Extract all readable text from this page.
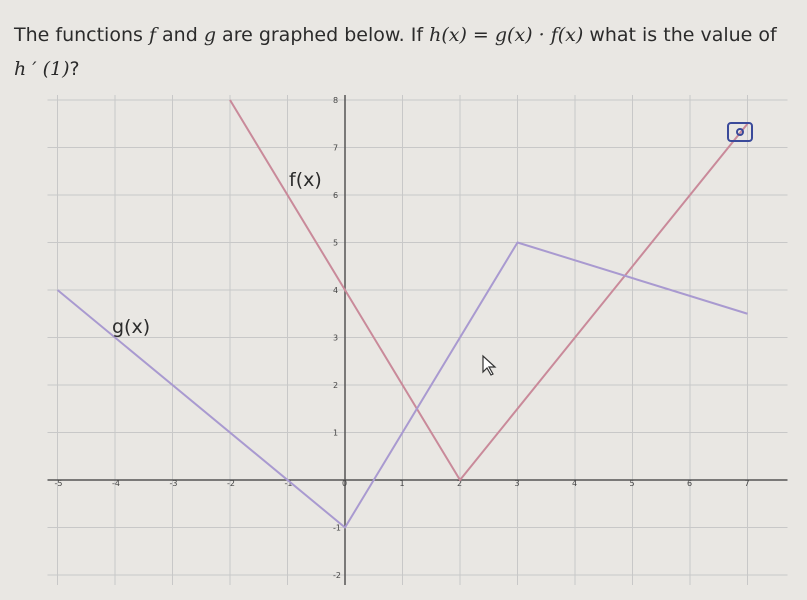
The functions f and g are graphed below. If h(x) = g(x) · f(x) what is the value of h ′ (1)?
-5	-4	-3	-2	-1	0	1	2	3	4	5	6	7
-2
-1
1
2
3
4
5
6
7
8
f(x)
g(x)
